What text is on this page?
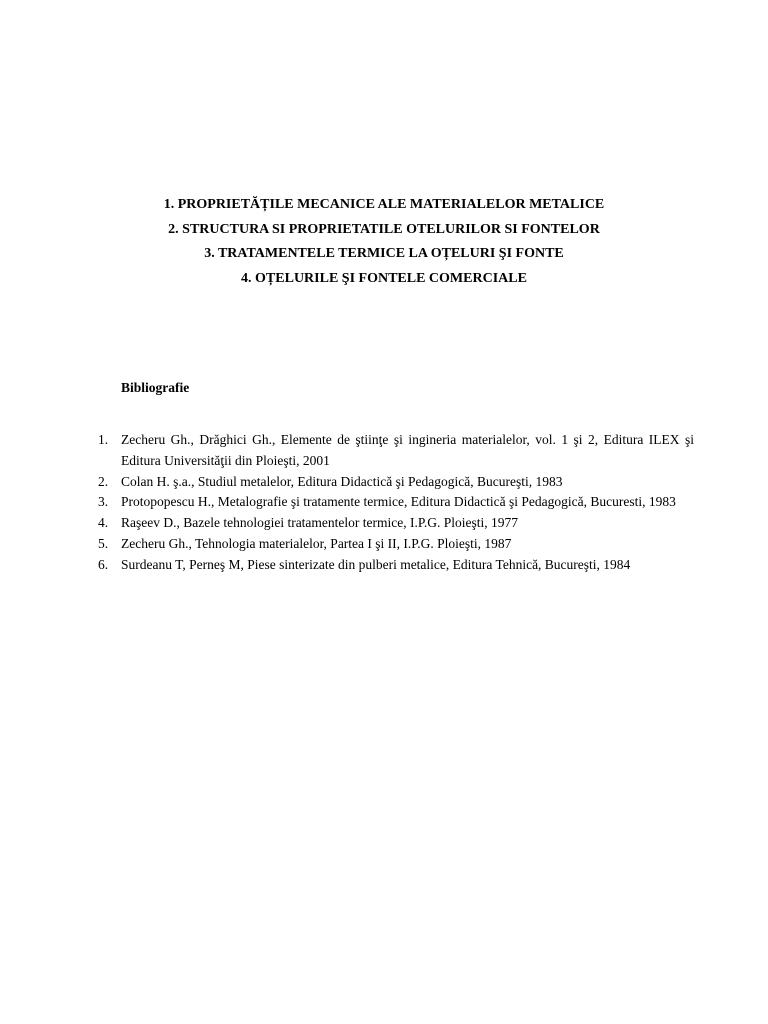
1. PROPRIETĂȚILE MECANICE ALE MATERIALELOR METALICE
2. STRUCTURA SI PROPRIETATILE OTELURILOR SI FONTELOR
3. TRATAMENTELE TERMICE LA OȚELURI ŞI FONTE
4. OȚELURILE ŞI FONTELE COMERCIALE
Bibliografie
1. Zecheru Gh., Drăghici Gh., Elemente de ştiinţe şi ingineria materialelor, vol. 1 şi 2, Editura ILEX şi Editura Universităţii din Ploieşti, 2001
2. Colan H. ş.a., Studiul metalelor, Editura Didactică şi Pedagogică, Bucureşti, 1983
3. Protopopescu H., Metalografie şi tratamente termice, Editura Didactică şi Pedagogică, Bucuresti, 1983
4. Raşeev D., Bazele tehnologiei tratamentelor termice, I.P.G. Ploieşti, 1977
5. Zecheru Gh., Tehnologia materialelor, Partea I şi II, I.P.G. Ploieşti, 1987
6. Surdeanu T, Perneş M, Piese sinterizate din pulberi metalice, Editura Tehnică, Bucureşti, 1984
